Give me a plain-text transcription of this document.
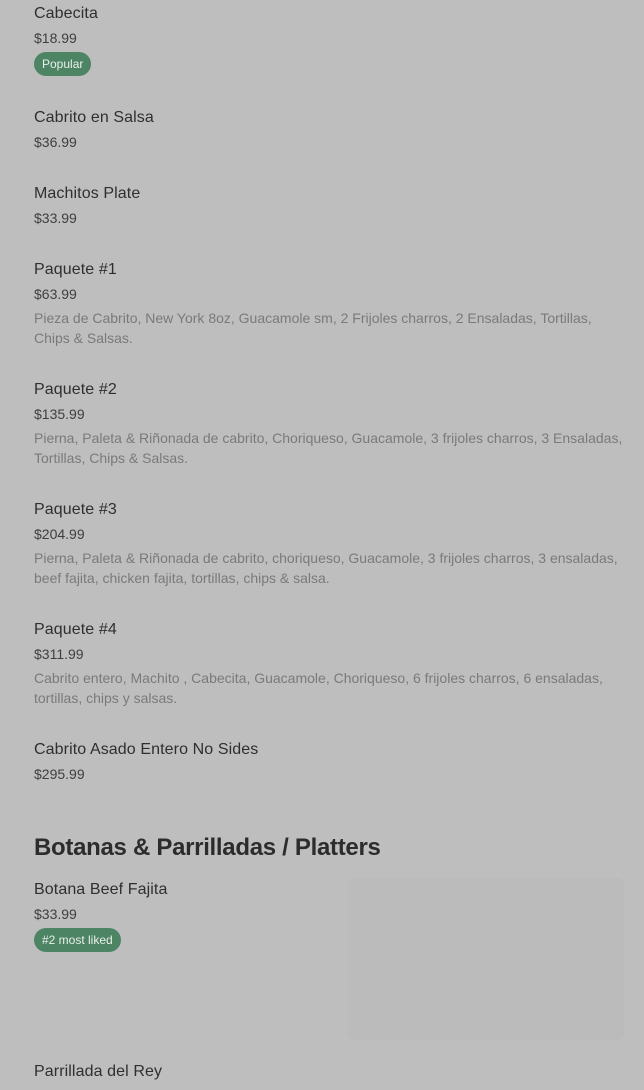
Cabecita
$18.99
Popular
Cabrito en Salsa
$36.99
Machitos Plate
$33.99
Paquete #1
$63.99
Pieza de Cabrito, New York 8oz, Guacamole sm, 2 Frijoles charros, 2 Ensaladas, Tortillas, Chips & Salsas.
Paquete #2
$135.99
Pierna, Paleta & Riñonada de cabrito, Choriqueso, Guacamole, 3 frijoles charros, 3 Ensaladas, Tortillas, Chips & Salsas.
Paquete #3
$204.99
Pierna, Paleta & Riñonada de cabrito, choriqueso, Guacamole, 3 frijoles charros, 3 ensaladas, beef fajita, chicken fajita, tortillas, chips & salsa.
Paquete #4
$311.99
Cabrito entero, Machito , Cabecita, Guacamole, Choriqueso, 6 frijoles charros, 6 ensaladas, tortillas, chips y salsas.
Cabrito Asado Entero No Sides
$295.99
Botanas & Parrilladas / Platters
Botana Beef Fajita
$33.99
#2 most liked
Parrillada del Rey
